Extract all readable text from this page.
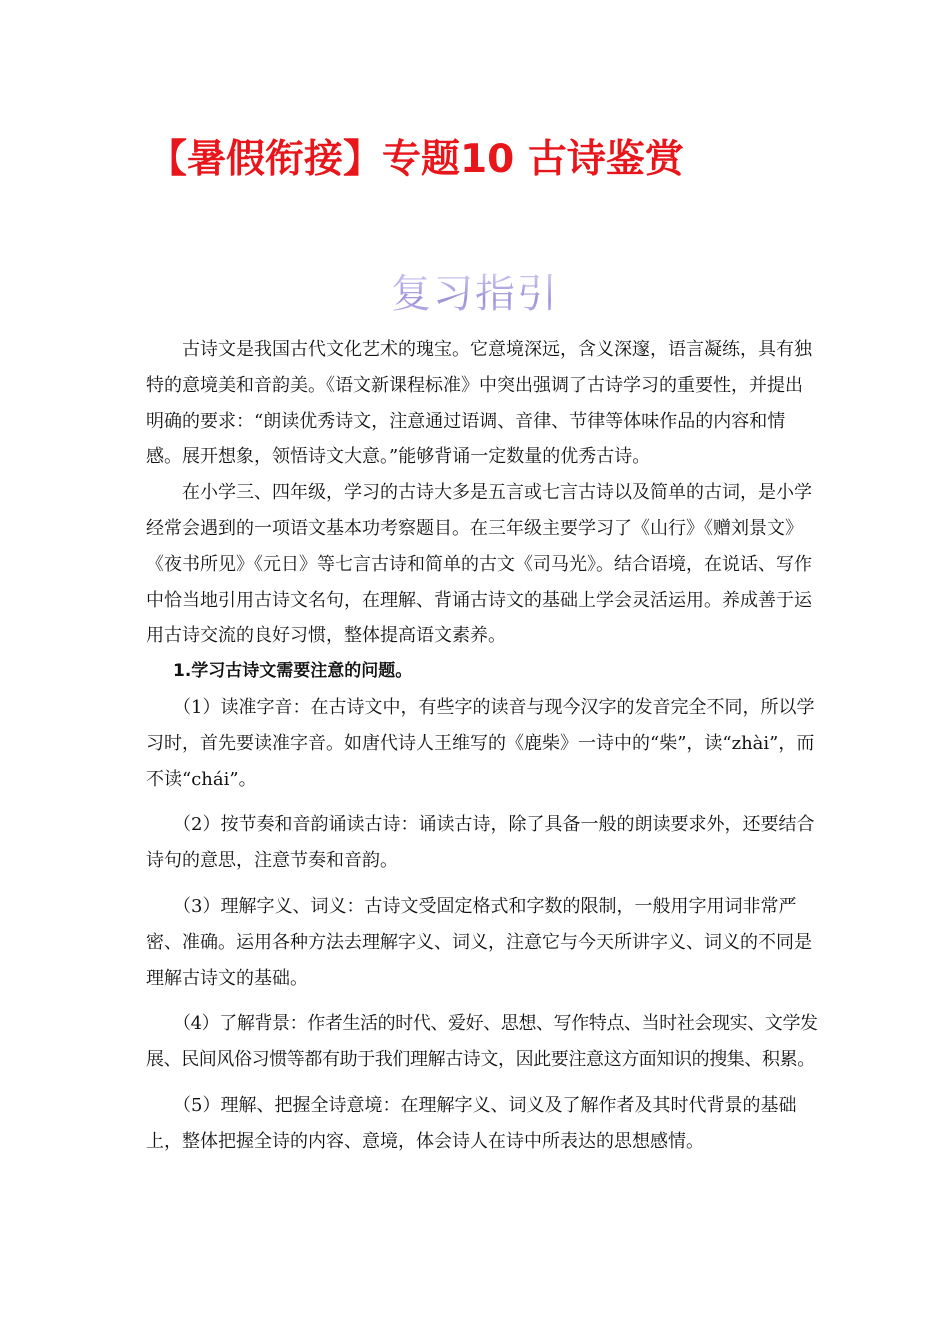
【暑假衔接】专题10 古诗鉴赏
复习指引

古诗文是我国古代文化艺术的瑰宝。它意境深远，含义深邃，语言凝练，具有独特的意境美和音韵美。《语文新课程标准》中突出强调了古诗学习的重要性，并提出明确的要求：“朗读优秀诗文，注意通过语调、音律、节律等体味作品的内容和情感。展开想象，领悟诗文大意。”能够背诵一定数量的优秀古诗。

在小学三、四年级，学习的古诗大多是五言或七言古诗以及简单的古词，是小学经常会遇到的一项语文基本功考察题目。在三年级主要学习了《山行》《赠刘景文》《夜书所见》《元日》等七言古诗和简单的古文《司马光》。结合语境，在说话、写作中恰当地引用古诗文名句，在理解、背诵古诗文的基础上学会灵活运用。养成善于运用古诗交流的良好习惯，整体提高语文素养。

1.学习古诗文需要注意的问题。

（1）读准字音：在古诗文中，有些字的读音与现今汉字的发音完全不同，所以学习时，首先要读准字音。如唐代诗人王维写的《鹿柴》一诗中的“柴”，读“zhài”，而不读“chái”。

（2）按节奏和音韵诵读古诗：诵读古诗，除了具备一般的朗读要求外，还要结合诗句的意思，注意节奏和音韵。

（3）理解字义、词义：古诗文受固定格式和字数的限制，一般用字用词非常严密、准确。运用各种方法去理解字义、词义，注意它与今天所讲字义、词义的不同是理解古诗文的基础。

（4）了解背景：作者生活的时代、爱好、思想、写作特点、当时社会现实、文学发展、民间风俗习惯等都有助于我们理解古诗文，因此要注意这方面知识的搜集、积累。

（5）理解、把握全诗意境：在理解字义、词义及了解作者及其时代背景的基础上，整体把握全诗的内容、意境，体会诗人在诗中所表达的思想感情。
